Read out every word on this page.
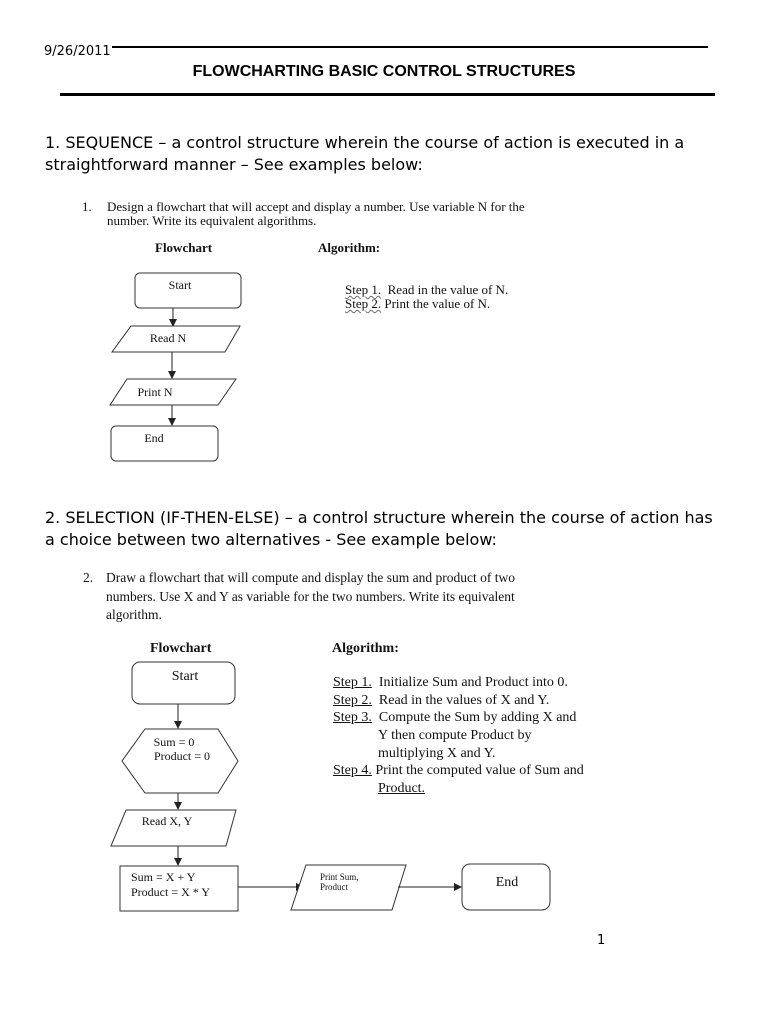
9/26/2011
FLOWCHARTING BASIC CONTROL STRUCTURES
1. SEQUENCE – a control structure wherein the course of action is executed in a
straightforward manner – See examples below:
1. Design a flowchart that will accept and display a number. Use variable N for the
number. Write its equivalent algorithms.
Flowchart	Algorithm:
Step 1. Read in the value of N.
Step 2. Print the value of N.
2. SELECTION (IF-THEN-ELSE) – a control structure wherein the course of action has
a choice between two alternatives - See example below:
2. Draw a flowchart that will compute and display the sum and product of two
numbers. Use X and Y as variable for the two numbers. Write its equivalent
algorithm.
Flowchart	Algorithm:
Step 1. Initialize Sum and Product into 0.
Step 2. Read in the values of X and Y.
Step 3. Compute the Sum by adding X and
Y then compute Product by
multiplying X and Y.
Step 4. Print the computed value of Sum and
Product.
Start
Read N
Print N
End
Start
Sum = 0
Product = 0
Read X, Y
Sum = X + Y
Product = X * Y
Print Sum,
Product	End
1
